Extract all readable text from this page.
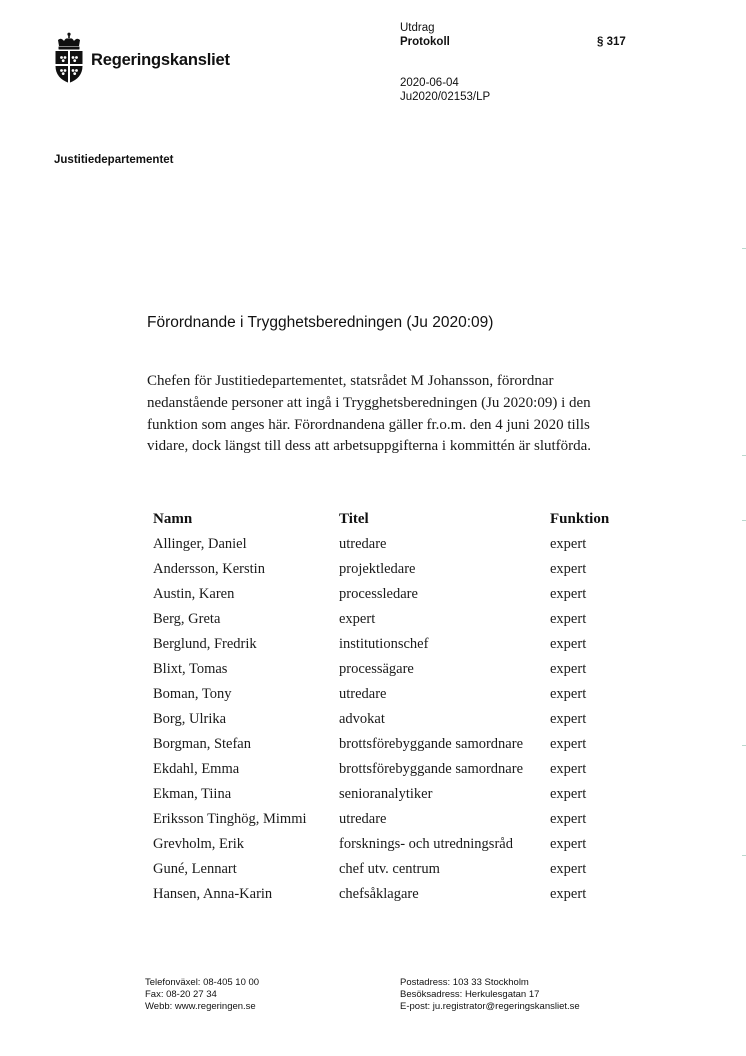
Regeringskansliet
Utdrag
Protokoll	§ 317
2020-06-04
Ju2020/02153/LP
Justitiedepartementet
Förordnande i Trygghetsberedningen (Ju 2020:09)
Chefen för Justitiedepartementet, statsrådet M Johansson, förordnar nedanstående personer att ingå i Trygghetsberedningen (Ju 2020:09) i den funktion som anges här. Förordnandena gäller fr.o.m. den 4 juni 2020 tills vidare, dock längst till dess att arbetsuppgifterna i kommittén är slutförda.
Namn	Titel	Funktion
Allinger, Daniel	utredare	expert
Andersson, Kerstin	projektledare	expert
Austin, Karen	processledare	expert
Berg, Greta	expert	expert
Berglund, Fredrik	institutionschef	expert
Blixt, Tomas	processägare	expert
Boman, Tony	utredare	expert
Borg, Ulrika	advokat	expert
Borgman, Stefan	brottsförebyggande samordnare	expert
Ekdahl, Emma	brottsförebyggande samordnare	expert
Ekman, Tiina	senioranalytiker	expert
Eriksson Tinghög, Mimmi	utredare	expert
Grevholm, Erik	forsknings- och utredningsråd	expert
Guné, Lennart	chef utv. centrum	expert
Hansen, Anna-Karin	chefsåklagare	expert
Telefonväxel: 08-405 10 00
Fax: 08-20 27 34
Webb: www.regeringen.se
Postadress: 103 33 Stockholm
Besöksadress: Herkulesgatan 17
E-post: ju.registrator@regeringskansliet.se
